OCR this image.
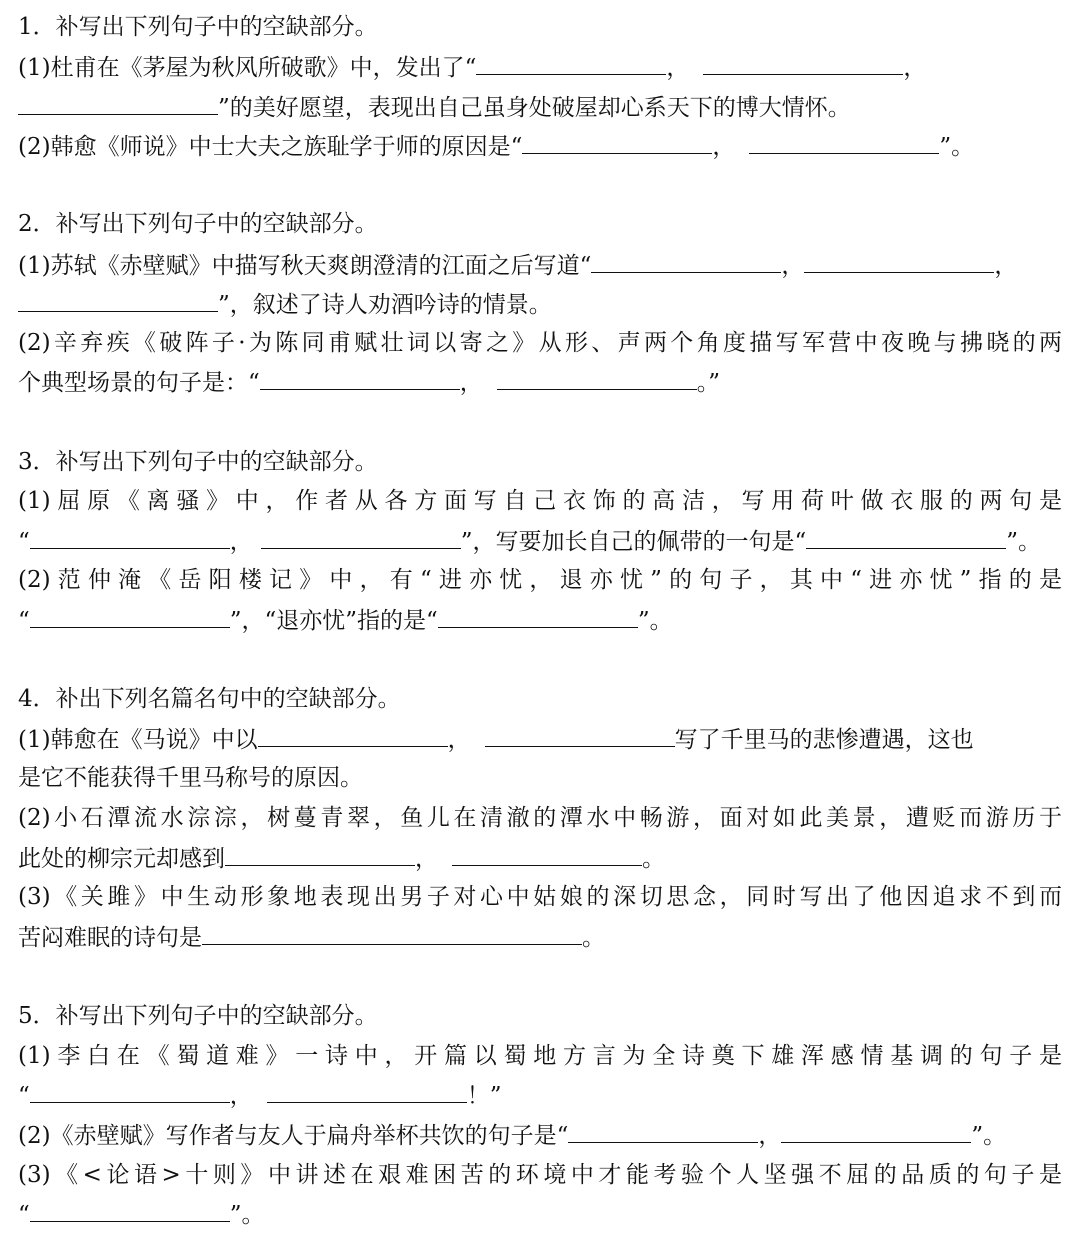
1．补写出下列句子中的空缺部分。
(1)杜甫在《茅屋为秋风所破歌》中，发出了“	，	，
”的美好愿望，表现出自己虽身处破屋却心系天下的博大情怀。
(2)韩愈《师说》中士大夫之族耻学于师的原因是“	，	”。
2．补写出下列句子中的空缺部分。
(1)苏轼《赤壁赋》中描写秋天爽朗澄清的江面之后写道“	，	，
”，叙述了诗人劝酒吟诗的情景。
(2)辛弃疾《破阵子·为陈同甫赋壮词以寄之》从形、声两个角度描写军营中夜晚与拂晓的两
个典型场景的句子是：“	，	。”
3．补写出下列句子中的空缺部分。
(1)屈原《离骚》中，作者从各方面写自己衣饰的高洁，写用荷叶做衣服的两句是
“	，	”，写要加长自己的佩带的一句是“	”。
(2)范仲淹《岳阳楼记》中，有“进亦忧，退亦忧”的句子，其中“进亦忧”指的是
“	”，“退亦忧”指的是“	”。
4．补出下列名篇名句中的空缺部分。
(1)韩愈在《马说》中以	，	写了千里马的悲惨遭遇，这也
是它不能获得千里马称号的原因。
(2)小石潭流水淙淙，树蔓青翠，鱼儿在清澈的潭水中畅游，面对如此美景，遭贬而游历于
此处的柳宗元却感到	，	。
(3)《关雎》中生动形象地表现出男子对心中姑娘的深切思念，同时写出了他因追求不到而
苦闷难眠的诗句是	。
5．补写出下列句子中的空缺部分。
(1)李白在《蜀道难》一诗中，开篇以蜀地方言为全诗奠下雄浑感情基调的句子是
“	，	！”
(2)《赤壁赋》写作者与友人于扁舟举杯共饮的句子是“	，	”。
(3)《<论语>十则》中讲述在艰难困苦的环境中才能考验个人坚强不屈的品质的句子是
“	”。
